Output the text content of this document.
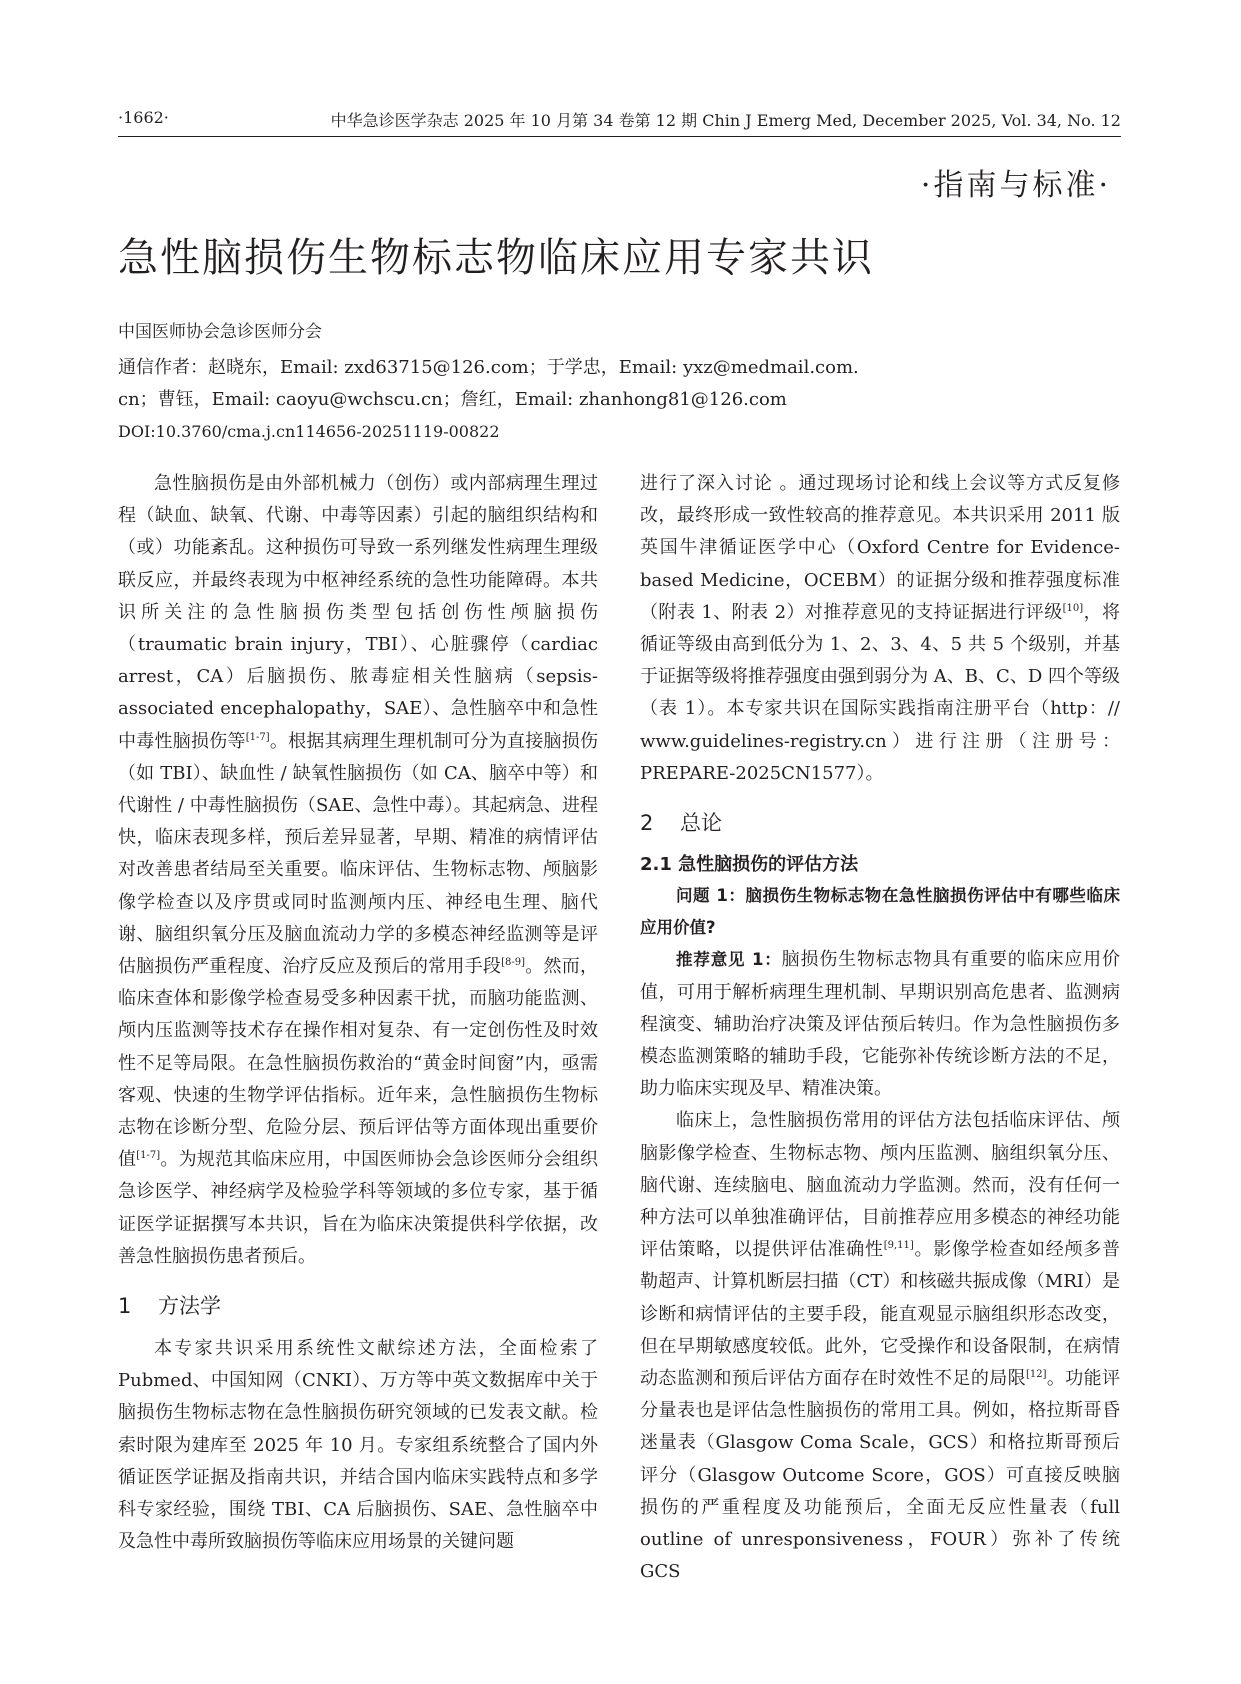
·1662·	中华急诊医学杂志 2025 年 10 月第 34 卷第 12 期 Chin J Emerg Med, December 2025, Vol. 34, No. 12
·指南与标准·
急性脑损伤生物标志物临床应用专家共识
中国医师协会急诊医师分会
通信作者：赵晓东，Email: zxd63715@126.com；于学忠，Email: yxz@medmail.com.
cn；曹钰，Email: caoyu@wchscu.cn；詹红，Email: zhanhong81@126.com
DOI:10.3760/cma.j.cn114656-20251119-00822

急性脑损伤是由外部机械力（创伤）或内部病理生理过程（缺血、缺氧、代谢、中毒等因素）引起的脑组织结构和（或）功能紊乱。这种损伤可导致一系列继发性病理生理级联反应，并最终表现为中枢神经系统的急性功能障碍。本共识所关注的急性脑损伤类型包括创伤性颅脑损伤（traumatic brain injury，TBI）、心脏骤停（cardiac arrest，CA）后脑损伤、脓毒症相关性脑病（sepsis-associated encephalopathy，SAE）、急性脑卒中和急性中毒性脑损伤等[1-7]。根据其病理生理机制可分为直接脑损伤（如 TBI）、缺血性 / 缺氧性脑损伤（如 CA、脑卒中等）和代谢性 / 中毒性脑损伤（SAE、急性中毒）。其起病急、进程快，临床表现多样，预后差异显著，早期、精准的病情评估对改善患者结局至关重要。临床评估、生物标志物、颅脑影像学检查以及序贯或同时监测颅内压、神经电生理、脑代谢、脑组织氧分压及脑血流动力学的多模态神经监测等是评估脑损伤严重程度、治疗反应及预后的常用手段[8-9]。然而，临床查体和影像学检查易受多种因素干扰，而脑功能监测、颅内压监测等技术存在操作相对复杂、有一定创伤性及时效性不足等局限。在急性脑损伤救治的“黄金时间窗”内，亟需客观、快速的生物学评估指标。近年来，急性脑损伤生物标志物在诊断分型、危险分层、预后评估等方面体现出重要价值[1-7]。为规范其临床应用，中国医师协会急诊医师分会组织急诊医学、神经病学及检验学科等领域的多位专家，基于循证医学证据撰写本共识，旨在为临床决策提供科学依据，改善急性脑损伤患者预后。

1 方法学

本专家共识采用系统性文献综述方法，全面检索了 Pubmed、中国知网（CNKI）、万方等中英文数据库中关于脑损伤生物标志物在急性脑损伤研究领域的已发表文献。检索时限为建库至 2025 年 10 月。专家组系统整合了国内外循证医学证据及指南共识，并结合国内临床实践特点和多学科专家经验，围绕 TBI、CA 后脑损伤、SAE、急性脑卒中及急性中毒所致脑损伤等临床应用场景的关键问题

进行了深入讨论 。通过现场讨论和线上会议等方式反复修改，最终形成一致性较高的推荐意见。本共识采用 2011 版英国牛津循证医学中心（Oxford Centre for Evidence-based Medicine，OCEBM）的证据分级和推荐强度标准（附表 1、附表 2）对推荐意见的支持证据进行评级[10]，将循证等级由高到低分为 1、2、3、4、5 共 5 个级别，并基于证据等级将推荐强度由强到弱分为 A、B、C、D 四个等级（表 1）。本专家共识在国际实践指南注册平台（http：// www.guidelines-registry.cn）进行注册（注册号：PREPARE-2025CN1577）。

2 总论
2.1 急性脑损伤的评估方法

问题 1：脑损伤生物标志物在急性脑损伤评估中有哪些临床应用价值?

推荐意见 1：脑损伤生物标志物具有重要的临床应用价值，可用于解析病理生理机制、早期识别高危患者、监测病程演变、辅助治疗决策及评估预后转归。作为急性脑损伤多模态监测策略的辅助手段，它能弥补传统诊断方法的不足，助力临床实现及早、精准决策。

临床上，急性脑损伤常用的评估方法包括临床评估、颅脑影像学检查、生物标志物、颅内压监测、脑组织氧分压、脑代谢、连续脑电、脑血流动力学监测。然而，没有任何一种方法可以单独准确评估，目前推荐应用多模态的神经功能评估策略，以提供评估准确性[9,11]。影像学检查如经颅多普勒超声、计算机断层扫描（CT）和核磁共振成像（MRI）是诊断和病情评估的主要手段，能直观显示脑组织形态改变，但在早期敏感度较低。此外，它受操作和设备限制，在病情动态监测和预后评估方面存在时效性不足的局限[12]。功能评分量表也是评估急性脑损伤的常用工具。例如，格拉斯哥昏迷量表（Glasgow Coma Scale，GCS）和格拉斯哥预后评分（Glasgow Outcome Score，GOS）可直接反映脑损伤的严重程度及功能预后，全面无反应性量表（full outline of unresponsiveness，FOUR）弥补了传统 GCS
